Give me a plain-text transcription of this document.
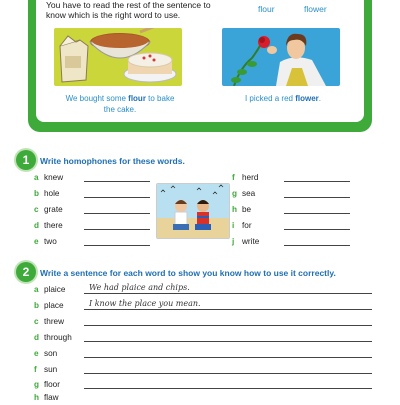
You have to read the rest of the sentence to
know which is the right word to use.
flour	flower
We bought some flour to bake
the cake.
I picked a red flower.
1	Write homophones for these words.
a knew
b hole
c grate
d there
e two
f herd
g sea
h be
i for
j write
2	Write a sentence for each word to show you know how to use it correctly.
a plaice	We had plaice and chips.
b place	I know the place you mean.
c threw
d through
e son
f sun
g floor
h flaw
